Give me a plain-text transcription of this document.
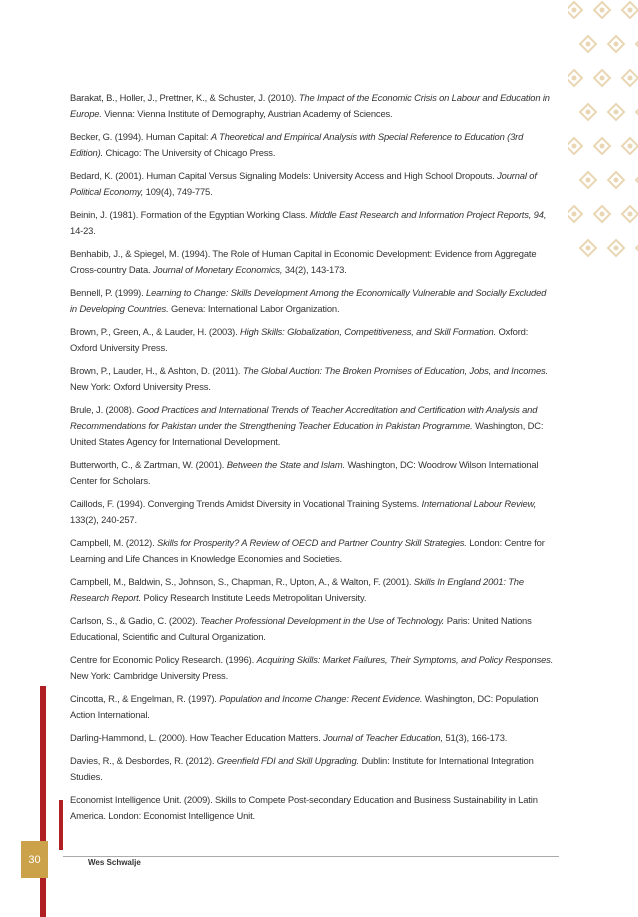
Barakat, B., Holler, J., Prettner, K., & Schuster, J. (2010). The Impact of the Economic Crisis on Labour and Education in Europe. Vienna: Vienna Institute of Demography, Austrian Academy of Sciences.

Becker, G. (1994). Human Capital: A Theoretical and Empirical Analysis with Special Reference to Education (3rd Edition). Chicago: The University of Chicago Press.

Bedard, K. (2001). Human Capital Versus Signaling Models: University Access and High School Dropouts. Journal of Political Economy, 109(4), 749-775.

Beinin, J. (1981). Formation of the Egyptian Working Class. Middle East Research and Information Project Reports, 94, 14-23.

Benhabib, J., & Spiegel, M. (1994). The Role of Human Capital in Economic Development: Evidence from Aggregate Cross-country Data. Journal of Monetary Economics, 34(2), 143-173.

Bennell, P. (1999). Learning to Change: Skills Development Among the Economically Vulnerable and Socially Excluded in Developing Countries. Geneva: International Labor Organization.

Brown, P., Green, A., & Lauder, H. (2003). High Skills: Globalization, Competitiveness, and Skill Formation. Oxford: Oxford University Press.

Brown, P., Lauder, H., & Ashton, D. (2011). The Global Auction: The Broken Promises of Education, Jobs, and Incomes. New York: Oxford University Press.

Brule, J. (2008). Good Practices and International Trends of Teacher Accreditation and Certification with Analysis and Recommendations for Pakistan under the Strengthening Teacher Education in Pakistan Programme. Washington, DC: United States Agency for International Development.

Butterworth, C., & Zartman, W. (2001). Between the State and Islam. Washington, DC: Woodrow Wilson International Center for Scholars.

Caillods, F. (1994). Converging Trends Amidst Diversity in Vocational Training Systems. International Labour Review, 133(2), 240-257.

Campbell, M. (2012). Skills for Prosperity? A Review of OECD and Partner Country Skill Strategies. London: Centre for Learning and Life Chances in Knowledge Economies and Societies.

Campbell, M., Baldwin, S., Johnson, S., Chapman, R., Upton, A., & Walton, F. (2001). Skills In England 2001: The Research Report. Policy Research Institute Leeds Metropolitan University.

Carlson, S., & Gadio, C. (2002). Teacher Professional Development in the Use of Technology. Paris: United Nations Educational, Scientific and Cultural Organization.

Centre for Economic Policy Research. (1996). Acquiring Skills: Market Failures, Their Symptoms, and Policy Responses. New York: Cambridge University Press.

Cincotta, R., & Engelman, R. (1997). Population and Income Change: Recent Evidence. Washington, DC: Population Action International.

Darling-Hammond, L. (2000). How Teacher Education Matters. Journal of Teacher Education, 51(3), 166-173.

Davies, R., & Desbordes, R. (2012). Greenfield FDI and Skill Upgrading. Dublin: Institute for International Integration Studies.

Economist Intelligence Unit. (2009). Skills to Compete Post-secondary Education and Business Sustainability in Latin America. London: Economist Intelligence Unit.

30	Wes Schwalje
